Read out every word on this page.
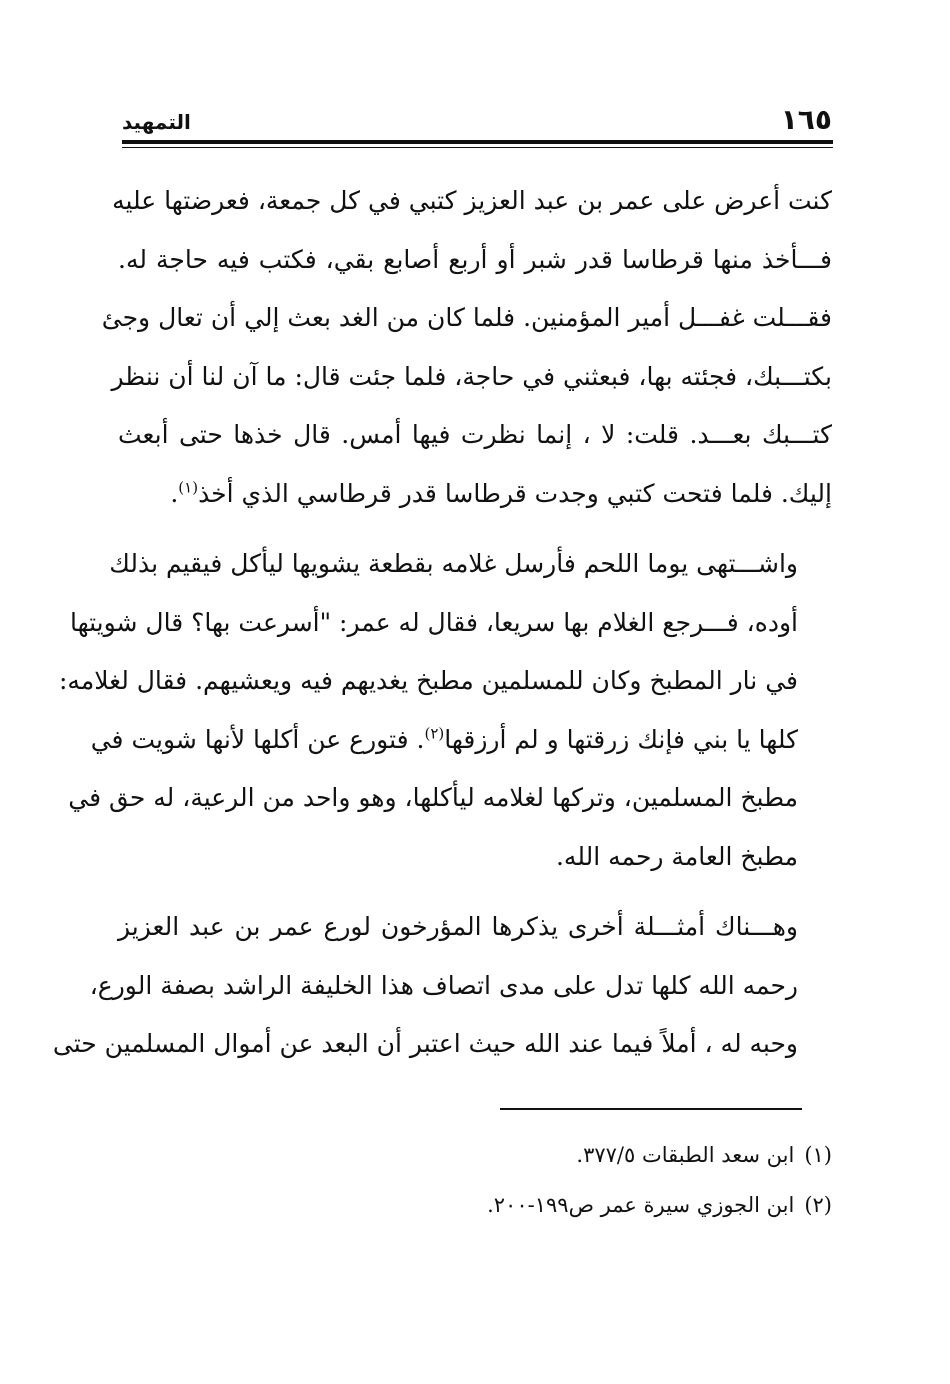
١٦٥
التمهيد

كنت أعرض على عمر بن عبد العزيز كتبي في كل جمعة، فعرضتها عليه
فـــأخذ منها قرطاسا قدر شبر أو أربع أصابع بقي، فكتب فيه حاجة له.
فقـــلت غفـــل أمير المؤمنين. فلما كان من الغد بعث إلي أن تعال وجئ
بكتـــبك، فجئته بها، فبعثني في حاجة، فلما جئت قال: ما آن لنا أن ننظر
كتـــبك بعـــد. قلت: لا ، إنما نظرت فيها أمس. قال خذها حتى أبعث
إليك. فلما فتحت كتبي وجدت قرطاسا قدر قرطاسي الذي أخذ$^{(١)}$.

واشـــتهى يوما اللحم فأرسل غلامه بقطعة يشويها ليأكل فيقيم بذلك
أوده، فـــرجع الغلام بها سريعا، فقال له عمر: "أسرعت بها؟ قال شويتها
في نار المطبخ وكان للمسلمين مطبخ يغديهم فيه ويعشيهم. فقال لغلامه:
كلها يا بني فإنك زرقتها و لم أرزقها$^{(٢)}$. فتورع عن أكلها لأنها شويت في
مطبخ المسلمين، وتركها لغلامه ليأكلها، وهو واحد من الرعية، له حق في
مطبخ العامة رحمه الله.

وهـــناك أمثـــلة أخرى يذكرها المؤرخون لورع عمر بن عبد العزيز
رحمه الله كلها تدل على مدى اتصاف هذا الخليفة الراشد بصفة الورع،
وحبه له ، أملاً فيما عند الله حيث اعتبر أن البعد عن أموال المسلمين حتى

(١)ابن سعد الطبقات ٣٧٧/٥.
(٢)ابن الجوزي سيرة عمر ص١٩٩-٢٠٠.
